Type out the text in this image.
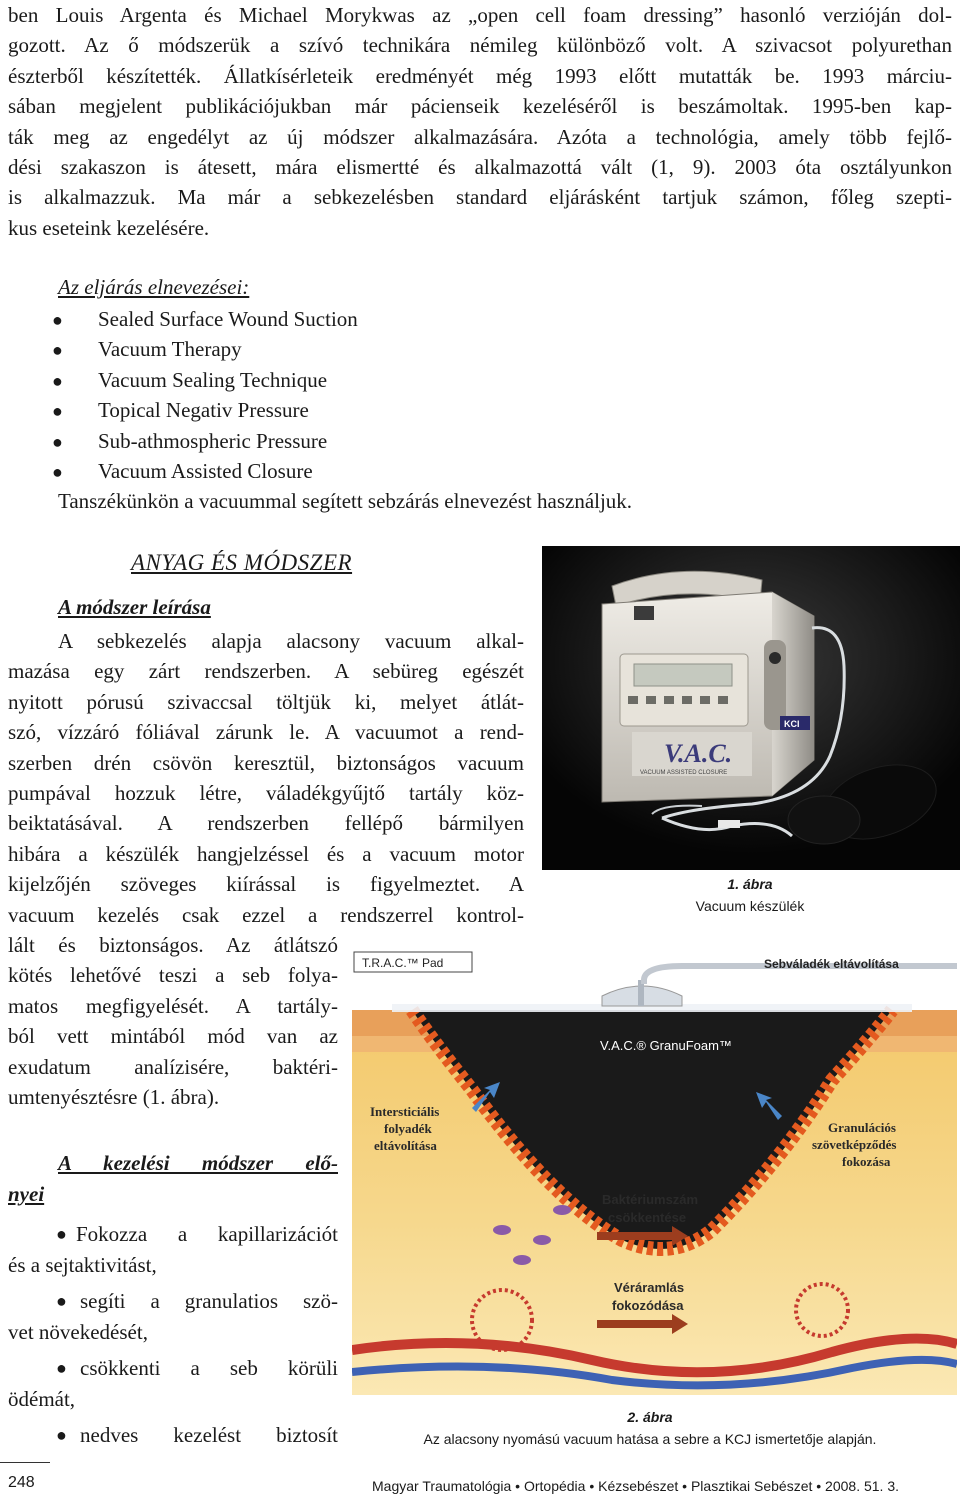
ben Louis Argenta és Michael Morykwas az „open cell foam dressing” hasonló verzióján dol-
gozott. Az ő módszerük a szívó technikára némileg különböző volt. A szivacsot polyurethan
észterből készítették. Állatkísérleteik eredményét még 1993 előtt mutatták be. 1993 márciu-
sában megjelent publikációjukban már pácienseik kezeléséről is beszámoltak. 1995-ben kap-
ták meg az engedélyt az új módszer alkalmazására. Azóta a technológia, amely több fejlő-
dési szakaszon is átesett, mára elismertté és alkalmazottá vált (1, 9). 2003 óta osztályunkon
is alkalmazzuk. Ma már a sebkezelésben standard eljárásként tartjuk számon, főleg szepti-
kus eseteink kezelésére.
Az eljárás elnevezései:
● Sealed Surface Wound Suction
● Vacuum Therapy
● Vacuum Sealing Technique
● Topical Negativ Pressure
● Sub-athmospheric Pressure
● Vacuum Assisted Closure
Tanszékünkön a vacuummal segített sebzárás elnevezést használjuk.
ANYAG ÉS MÓDSZER
A módszer leírása
A sebkezelés alapja alacsony vacuum alkal-
mazása egy zárt rendszerben. A sebüreg egészét
nyitott pórusú szivaccsal töltjük ki, melyet átlát-
szó, vízzáró fóliával zárunk le. A vacuumot a rend-
szerben drén csövön keresztül, biztonságos vacuum
pumpával hozzuk létre, váladékgyűjtő tartály köz-
beiktatásával. A rendszerben fellépő bármilyen
hibára a készülék hangjelzéssel és a vacuum motor
kijelzőjén szöveges kiírással is figyelmeztet. A
vacuum kezelés csak ezzel a rendszerrel kontrol-
lált és biztonságos. Az átlátszó
kötés lehetővé teszi a seb folya-
matos megfigyelését. A tartály-
ból vett mintából mód van az
exudatum analízisére, baktéri-
umtenyésztésre (1. ábra).
A kezelési módszer elő-
nyei
● Fokozza a kapillarizációt
és a sejtaktivitást,
● segíti a granulatios szö-
vet növekedését,
● csökkenti a seb körüli
ödémát,
● nedves kezelést biztosít
V.A.C.
VACUUM ASSISTED CLOSURE
KCI
1. ábra
Vacuum készülék
T.R.A.C.™ Pad	Sebváladék eltávolítása
V.A.C.® GranuFoam™
Intersticiális
folyadék
eltávolítása
Granulációs
szövetképződés
fokozása
Baktériumszám
csökkentése
Véráramlás
fokozódása
2. ábra
Az alacsony nyomású vacuum hatása a sebre a KCJ ismertetője alapján.
248	Magyar Traumatológia • Ortopédia • Kézsebészet • Plasztikai Sebészet • 2008. 51. 3.
